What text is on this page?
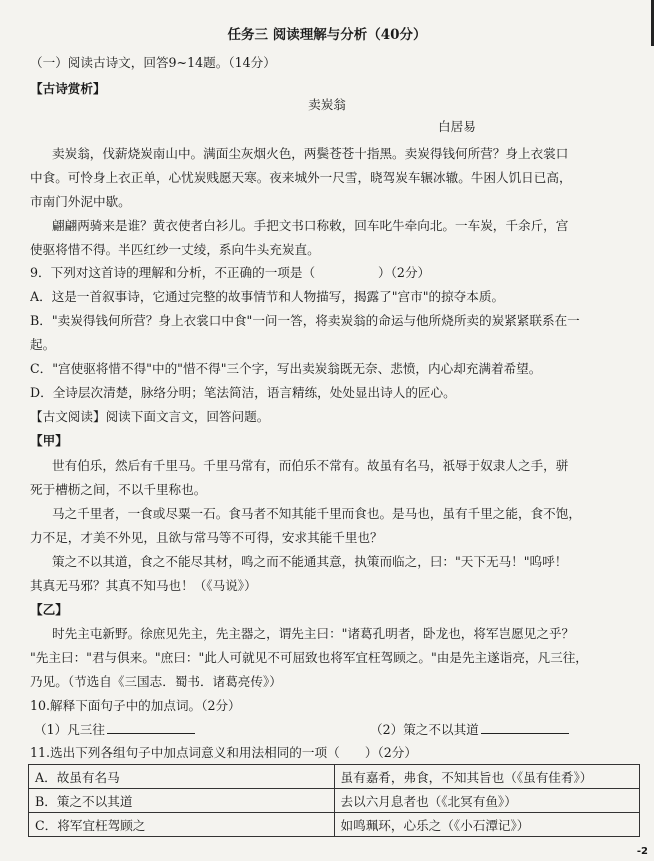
任务三 阅读理解与分析（40分）
（一）阅读古诗文，回答9~14题。（14分）
【古诗赏析】
卖炭翁
白居易
卖炭翁，伐薪烧炭南山中。满面尘灰烟火色，两鬓苍苍十指黑。卖炭得钱何所营？身上衣裳口
中食。可怜身上衣正单，心忧炭贱愿天寒。夜来城外一尺雪，晓驾炭车辗冰辙。牛困人饥日已高，
市南门外泥中歇。
翩翩两骑来是谁？黄衣使者白衫儿。手把文书口称敕，回车叱牛牵向北。一车炭，千余斤，宫
使驱将惜不得。半匹红纱一丈绫，系向牛头充炭直。
9．下列对这首诗的理解和分析，不正确的一项是（　　　　　）（2分）
A．这是一首叙事诗，它通过完整的故事情节和人物描写，揭露了"宫市"的掠夺本质。
B．"卖炭得钱何所营？身上衣裳口中食"一问一答，将卖炭翁的命运与他所烧所卖的炭紧紧联系在一
起。
C．"宫使驱将惜不得"中的"惜不得"三个字，写出卖炭翁既无奈、悲愤，内心却充满着希望。
D．全诗层次清楚，脉络分明；笔法简洁，语言精练，处处显出诗人的匠心。
【古文阅读】阅读下面文言文，回答问题。
【甲】
世有伯乐，然后有千里马。千里马常有，而伯乐不常有。故虽有名马，祇辱于奴隶人之手，骈
死于槽枥之间，不以千里称也。
马之千里者，一食或尽粟一石。食马者不知其能千里而食也。是马也，虽有千里之能，食不饱，
力不足，才美不外见，且欲与常马等不可得，安求其能千里也？
策之不以其道，食之不能尽其材，鸣之而不能通其意，执策而临之，曰："天下无马！"呜呼！
其真无马邪？其真不知马也！（《马说》）
【乙】
时先主屯新野。徐庶见先主，先主器之，谓先主曰："诸葛孔明者，卧龙也，将军岂愿见之乎？
"先主曰："君与俱来。"庶曰："此人可就见不可屈致也将军宜枉驾顾之。"由是先主遂诣亮，凡三往，
乃见。（节选自《三国志．蜀书．诸葛亮传》）
10.解释下面句子中的加点词。（2分）
（1）凡三往	（2）策之不以其道
11.选出下列各组句子中加点词意义和用法相同的一项（　　）（2分）
A．故虽有名马	虽有嘉肴，弗食，不知其旨也（《虽有佳肴》）
B．策之不以其道	去以六月息者也（《北冥有鱼》）
C．将军宜枉驾顾之	如鸣珮环，心乐之（《小石潭记》）
-2
